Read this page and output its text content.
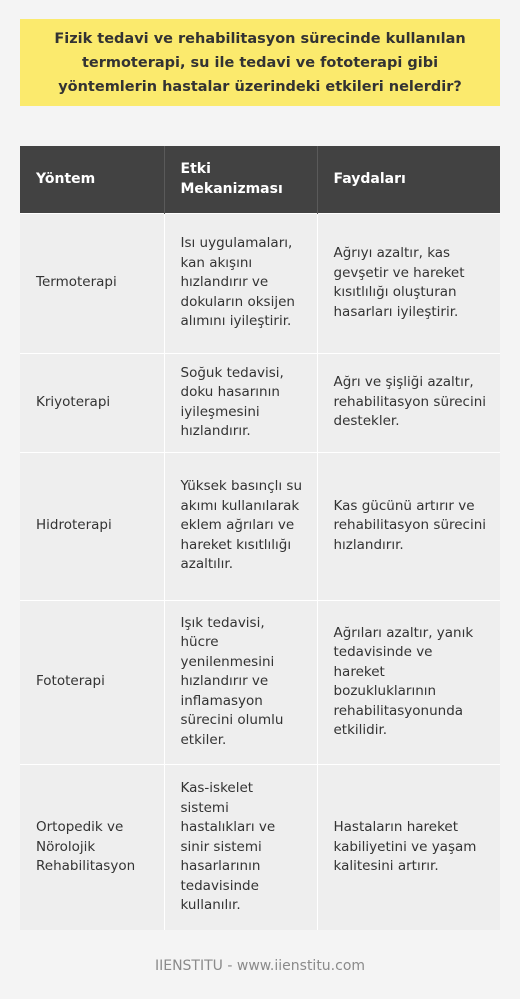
Fizik tedavi ve rehabilitasyon sürecinde kullanılan termoterapi, su ile tedavi ve fototerapi gibi yöntemlerin hastalar üzerindeki etkileri nelerdir?
Yöntem	Etki Mekanizması	Faydaları
Termoterapi	Isı uygulamaları, kan akışını hızlandırır ve dokuların oksijen alımını iyileştirir.	Ağrıyı azaltır, kas gevşetir ve hareket kısıtlılığı oluşturan hasarları iyileştirir.
Kriyoterapi	Soğuk tedavisi, doku hasarının iyileşmesini hızlandırır.	Ağrı ve şişliği azaltır, rehabilitasyon sürecini destekler.
Hidroterapi	Yüksek basınçlı su akımı kullanılarak eklem ağrıları ve hareket kısıtlılığı azaltılır.	Kas gücünü artırır ve rehabilitasyon sürecini hızlandırır.
Fototerapi	Işık tedavisi, hücre yenilenmesini hızlandırır ve inflamasyon sürecini olumlu etkiler.	Ağrıları azaltır, yanık tedavisinde ve hareket bozukluklarının rehabilitasyonunda etkilidir.
Ortopedik ve Nörolojik Rehabilitasyon	Kas-iskelet sistemi hastalıkları ve sinir sistemi hasarlarının tedavisinde kullanılır.	Hastaların hareket kabiliyetini ve yaşam kalitesini artırır.
IIENSTITU - www.iienstitu.com
